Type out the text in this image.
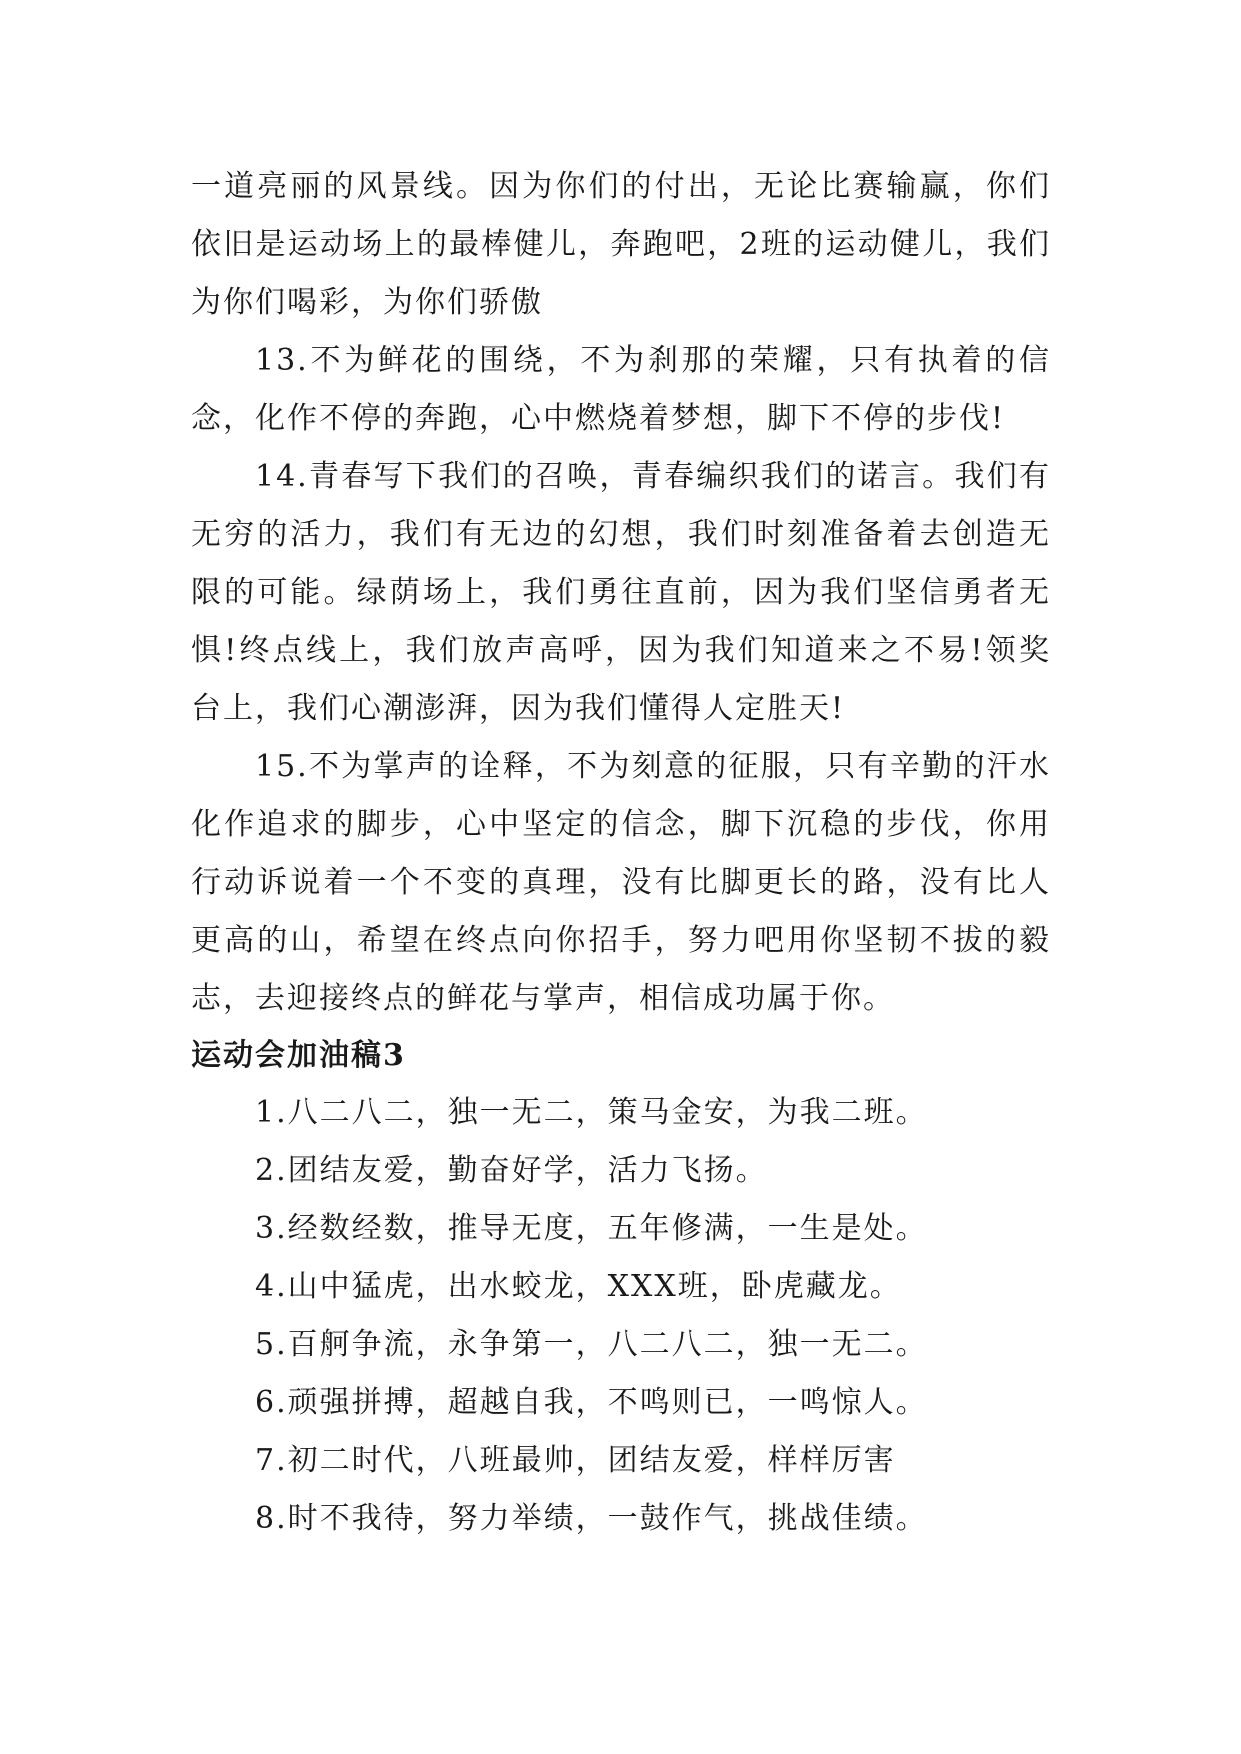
一道亮丽的风景线。因为你们的付出，无论比赛输赢，你们依旧是运动场上的最棒健儿，奔跑吧，2班的运动健儿，我们为你们喝彩，为你们骄傲

13.不为鲜花的围绕，不为刹那的荣耀，只有执着的信念，化作不停的奔跑，心中燃烧着梦想，脚下不停的步伐!

14.青春写下我们的召唤，青春编织我们的诺言。我们有无穷的活力，我们有无边的幻想，我们时刻准备着去创造无限的可能。绿荫场上，我们勇往直前，因为我们坚信勇者无惧!终点线上，我们放声高呼，因为我们知道来之不易!领奖台上，我们心潮澎湃，因为我们懂得人定胜天!

15.不为掌声的诠释，不为刻意的征服，只有辛勤的汗水化作追求的脚步，心中坚定的信念，脚下沉稳的步伐，你用行动诉说着一个不变的真理，没有比脚更长的路，没有比人更高的山，希望在终点向你招手，努力吧用你坚韧不拔的毅志，去迎接终点的鲜花与掌声，相信成功属于你。

运动会加油稿3
1.八二八二，独一无二，策马金安，为我二班。
2.团结友爱，勤奋好学，活力飞扬。
3.经数经数，推导无度，五年修满，一生是处。
4.山中猛虎，出水蛟龙，XXX班，卧虎藏龙。
5.百舸争流，永争第一，八二八二，独一无二。
6.顽强拼搏，超越自我，不鸣则已，一鸣惊人。
7.初二时代，八班最帅，团结友爱，样样厉害
8.时不我待，努力举绩，一鼓作气，挑战佳绩。
